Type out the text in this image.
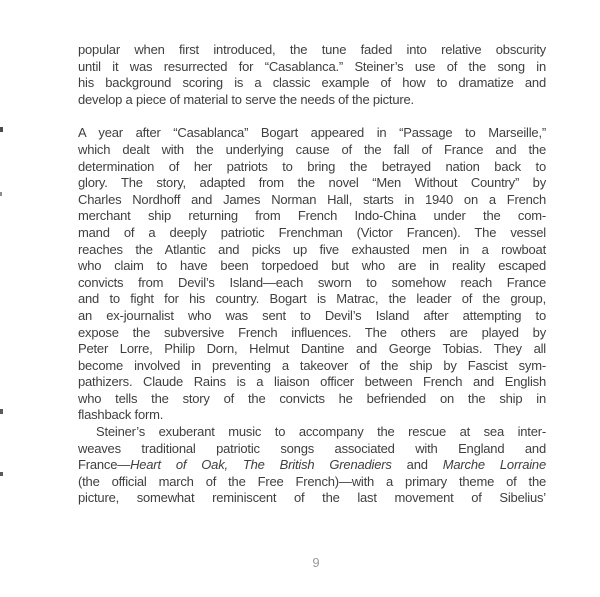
popular when first introduced, the tune faded into relative obscurity
until it was resurrected for “Casablanca.” Steiner’s use of the song in
his background scoring is a classic example of how to dramatize and
develop a piece of material to serve the needs of the picture.
A year after “Casablanca” Bogart appeared in “Passage to Marseille,”
which dealt with the underlying cause of the fall of France and the
determination of her patriots to bring the betrayed nation back to
glory. The story, adapted from the novel “Men Without Country” by
Charles Nordhoff and James Norman Hall, starts in 1940 on a French
merchant ship returning from French Indo-China under the com-
mand of a deeply patriotic Frenchman (Victor Francen). The vessel
reaches the Atlantic and picks up five exhausted men in a rowboat
who claim to have been torpedoed but who are in reality escaped
convicts from Devil’s Island—each sworn to somehow reach France
and to fight for his country. Bogart is Matrac, the leader of the group,
an ex-journalist who was sent to Devil’s Island after attempting to
expose the subversive French influences. The others are played by
Peter Lorre, Philip Dorn, Helmut Dantine and George Tobias. They all
become involved in preventing a takeover of the ship by Fascist sym-
pathizers. Claude Rains is a liaison officer between French and English
who tells the story of the convicts he befriended on the ship in
flashback form.
Steiner’s exuberant music to accompany the rescue at sea inter-
weaves traditional patriotic songs associated with England and
France—Heart of Oak, The British Grenadiers and Marche Lorraine
(the official march of the Free French)—with a primary theme of the
picture, somewhat reminiscent of the last movement of Sibelius’
9
